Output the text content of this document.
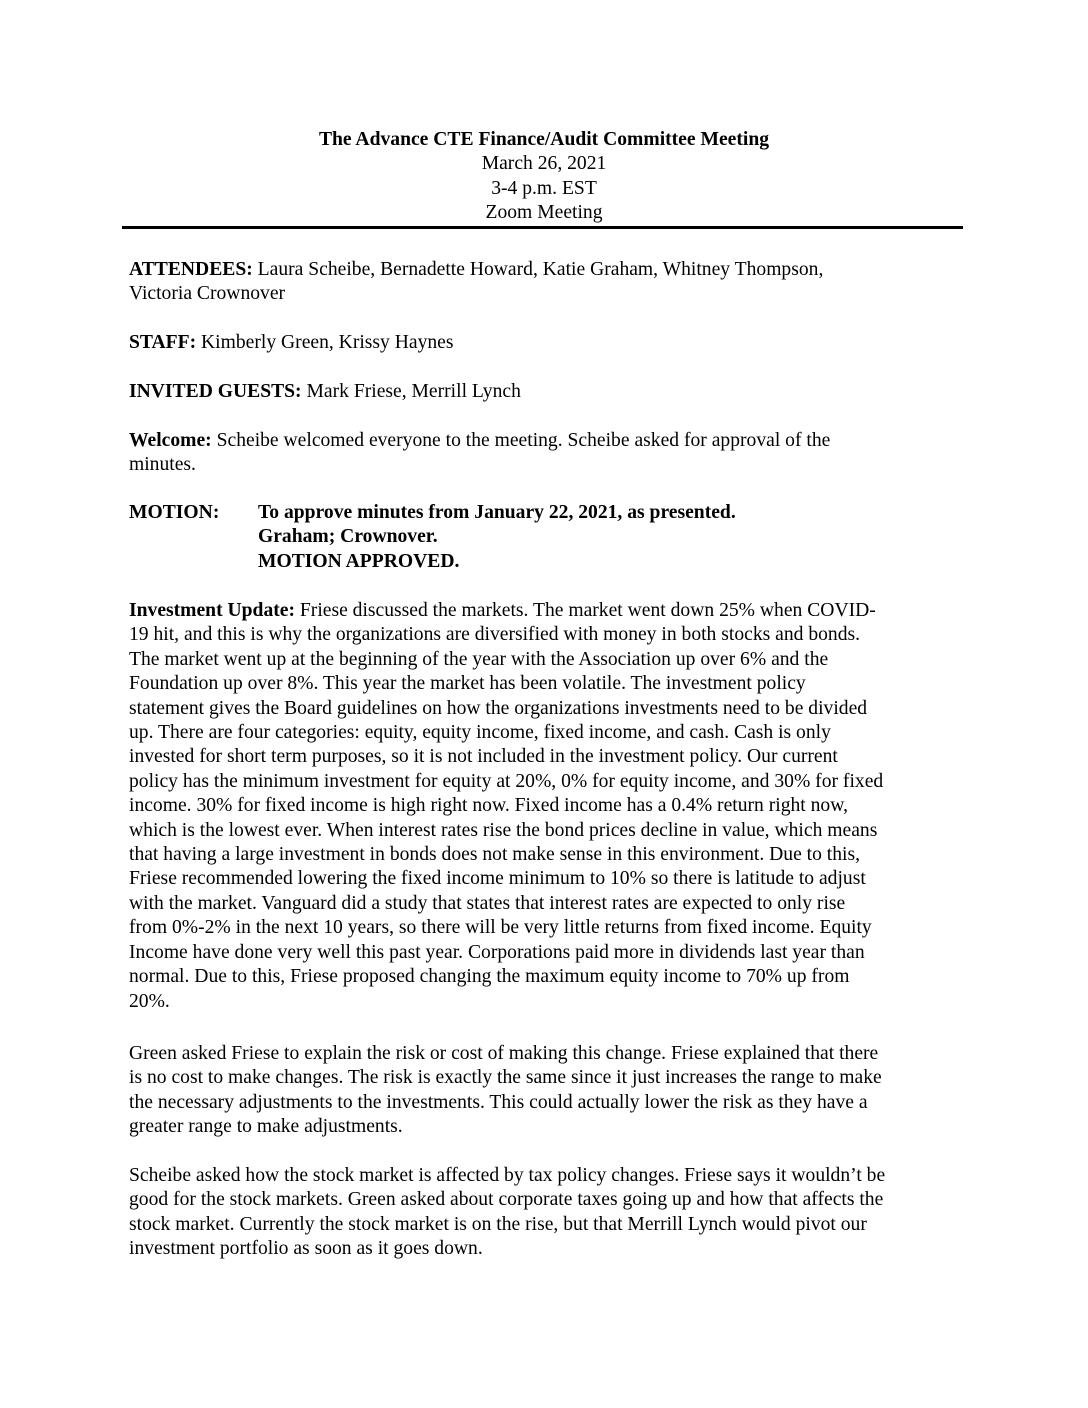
The Advance CTE Finance/Audit Committee Meeting
March 26, 2021
3-4 p.m. EST
Zoom Meeting
ATTENDEES: Laura Scheibe, Bernadette Howard, Katie Graham, Whitney Thompson,
Victoria Crownover
STAFF: Kimberly Green, Krissy Haynes
INVITED GUESTS: Mark Friese, Merrill Lynch
Welcome: Scheibe welcomed everyone to the meeting. Scheibe asked for approval of the
minutes.
MOTION: To approve minutes from January 22, 2021, as presented.
Graham; Crownover.
MOTION APPROVED.
Investment Update: Friese discussed the markets. The market went down 25% when COVID-
19 hit, and this is why the organizations are diversified with money in both stocks and bonds.
The market went up at the beginning of the year with the Association up over 6% and the
Foundation up over 8%. This year the market has been volatile. The investment policy
statement gives the Board guidelines on how the organizations investments need to be divided
up. There are four categories: equity, equity income, fixed income, and cash. Cash is only
invested for short term purposes, so it is not included in the investment policy. Our current
policy has the minimum investment for equity at 20%, 0% for equity income, and 30% for fixed
income. 30% for fixed income is high right now. Fixed income has a 0.4% return right now,
which is the lowest ever. When interest rates rise the bond prices decline in value, which means
that having a large investment in bonds does not make sense in this environment. Due to this,
Friese recommended lowering the fixed income minimum to 10% so there is latitude to adjust
with the market. Vanguard did a study that states that interest rates are expected to only rise
from 0%-2% in the next 10 years, so there will be very little returns from fixed income. Equity
Income have done very well this past year. Corporations paid more in dividends last year than
normal. Due to this, Friese proposed changing the maximum equity income to 70% up from
20%.
Green asked Friese to explain the risk or cost of making this change. Friese explained that there
is no cost to make changes. The risk is exactly the same since it just increases the range to make
the necessary adjustments to the investments. This could actually lower the risk as they have a
greater range to make adjustments.
Scheibe asked how the stock market is affected by tax policy changes. Friese says it wouldn’t be
good for the stock markets. Green asked about corporate taxes going up and how that affects the
stock market. Currently the stock market is on the rise, but that Merrill Lynch would pivot our
investment portfolio as soon as it goes down.
